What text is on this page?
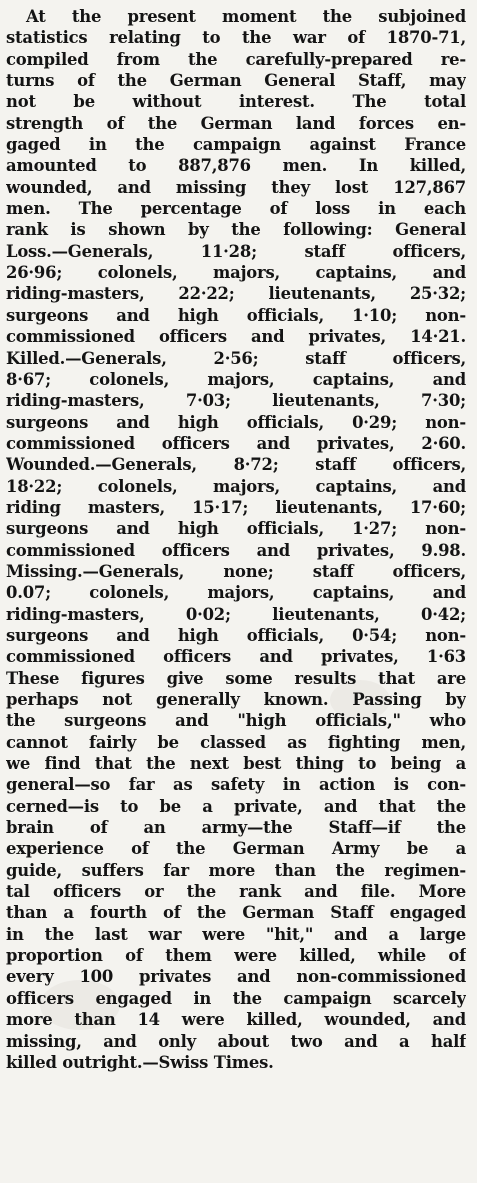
At the present moment the subjoined
statistics relating to the war of 1870-71,
compiled from the carefully-prepared re-
turns of the German General Staff, may
not be without interest. The total
strength of the German land forces en-
gaged in the campaign against France
amounted to 887,876 men. In killed,
wounded, and missing they lost 127,867
men. The percentage of loss in each
rank is shown by the following: General
Loss.—Generals, 11·28; staff officers,
26·96; colonels, majors, captains, and
riding-masters, 22·22; lieutenants, 25·32;
surgeons and high officials, 1·10; non-
commissioned officers and privates, 14·21.
Killed.—Generals, 2·56; staff officers,
8·67; colonels, majors, captains, and
riding-masters, 7·03; lieutenants, 7·30;
surgeons and high officials, 0·29; non-
commissioned officers and privates, 2·60.
Wounded.—Generals, 8·72; staff officers,
18·22; colonels, majors, captains, and
riding masters, 15·17; lieutenants, 17·60;
surgeons and high officials, 1·27; non-
commissioned officers and privates, 9.98.
Missing.—Generals, none; staff officers,
0.07; colonels, majors, captains, and
riding-masters, 0·02; lieutenants, 0·42;
surgeons and high officials, 0·54; non-
commissioned officers and privates, 1·63
These figures give some results that are
perhaps not generally known. Passing by
the surgeons and "high officials," who
cannot fairly be classed as fighting men,
we find that the next best thing to being a
general—so far as safety in action is con-
cerned—is to be a private, and that the
brain of an army—the Staff—if the
experience of the German Army be a
guide, suffers far more than the regimen-
tal officers or the rank and file. More
than a fourth of the German Staff engaged
in the last war were "hit," and a large
proportion of them were killed, while of
every 100 privates and non-commissioned
officers engaged in the campaign scarcely
more than 14 were killed, wounded, and
missing, and only about two and a half
killed outright.—Swiss Times.
